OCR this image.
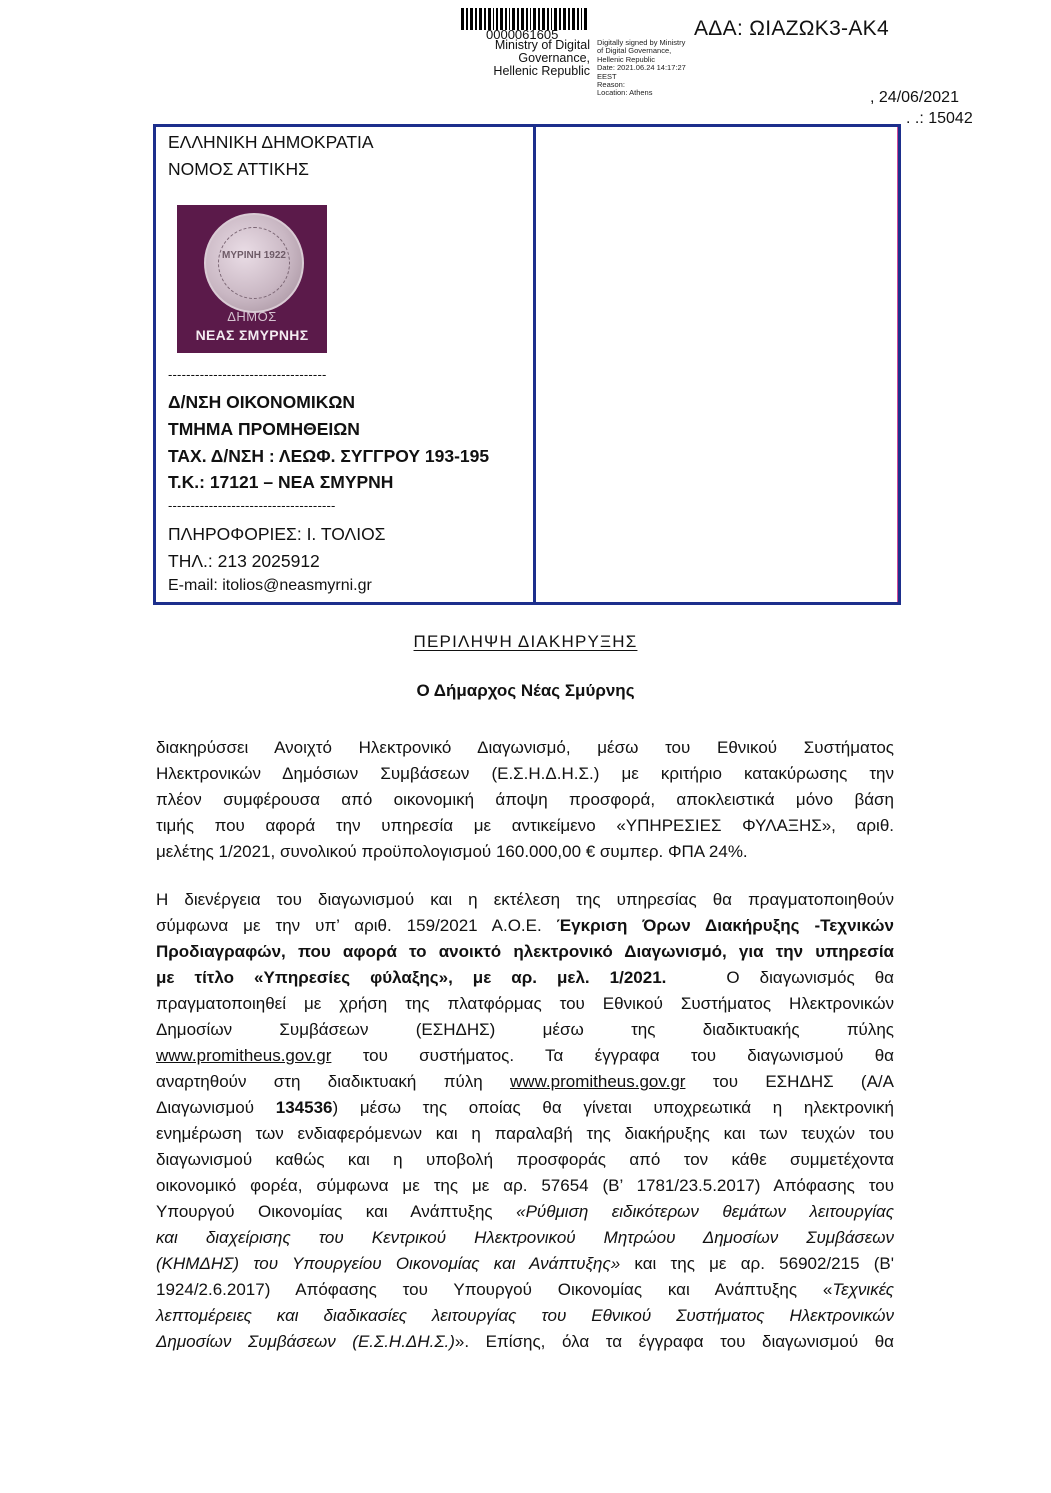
0000061605
Ministry of Digital
Governance,
Hellenic Republic
Digitally signed by Ministry
of Digital Governance,
Hellenic Republic
Date: 2021.06.24 14:17:27
EEST
Reason:
Location: Athens
ΑΔΑ: ΩΙΑΖΩΚ3-ΑΚ4
, 24/06/2021
. .: 15042
ΕΛΛΗΝΙΚΗ ΔΗΜΟΚΡΑΤΙΑ
ΝΟΜΟΣ ΑΤΤΙΚΗΣ
ΜΥΡΙΝΗ 1922
ΔΗΜΟΣ
ΝΕΑΣ ΣΜΥΡΝΗΣ
-----------------------------------
Δ/ΝΣΗ ΟΙΚΟΝΟΜΙΚΩΝ
ΤΜΗΜΑ ΠΡΟΜΗΘΕΙΩΝ
ΤΑΧ. Δ/ΝΣΗ : ΛΕΩΦ. ΣΥΓΓΡΟΥ 193-195
Τ.Κ.: 17121 – ΝΕΑ ΣΜΥΡΝΗ
-------------------------------------
ΠΛΗΡΟΦΟΡΙΕΣ: Ι. ΤΟΛΙΟΣ
ΤΗΛ.: 213 2025912
E-mail: itolios@neasmyrni.gr
ΠΕΡΙΛΗΨΗ ΔΙΑΚΗΡΥΞΗΣ
Ο Δήμαρχος Νέας Σμύρνης
διακηρύσσει Ανοιχτό Ηλεκτρονικό Διαγωνισμό, μέσω του Εθνικού Συστήματος
Ηλεκτρονικών Δημόσιων Συμβάσεων (Ε.Σ.Η.Δ.Η.Σ.) με κριτήριο κατακύρωσης την
πλέον συμφέρουσα από οικονομική άποψη προσφορά, αποκλειστικά μόνο βάση
τιμής που αφορά την υπηρεσία με αντικείμενο «ΥΠΗΡΕΣΙΕΣ ΦΥΛΑΞΗΣ», αριθ.
μελέτης 1/2021, συνολικού προϋπολογισμού 160.000,00 € συμπερ. ΦΠΑ 24%.
Η διενέργεια του διαγωνισμού και η εκτέλεση της υπηρεσίας θα πραγματοποιηθούν
σύμφωνα με την υπ’ αριθ. 159/2021 Α.Ο.Ε. Έγκριση Όρων Διακήρυξης -Τεχνικών
Προδιαγραφών, που αφορά το ανοικτό ηλεκτρονικό Διαγωνισμό, για την υπηρεσία
με τίτλο «Υπηρεσίες φύλαξης», με αρ. μελ. 1/2021.	Ο διαγωνισμός θα
πραγματοποιηθεί με χρήση της πλατφόρμας του Εθνικού Συστήματος Ηλεκτρονικών
Δημοσίων Συμβάσεων (ΕΣΗΔΗΣ) μέσω της διαδικτυακής πύλης
www.promitheus.gov.gr του συστήματος. Τα έγγραφα του διαγωνισμού θα
αναρτηθούν στη διαδικτυακή πύλη www.promitheus.gov.gr του ΕΣΗΔΗΣ (Α/Α
Διαγωνισμού 134536) μέσω της οποίας θα γίνεται υποχρεωτικά η ηλεκτρονική
ενημέρωση των ενδιαφερόμενων και η παραλαβή της διακήρυξης και των τευχών του
διαγωνισμού καθώς και η υποβολή προσφοράς από τον κάθε συμμετέχοντα
οικονομικό φορέα, σύμφωνα με της με αρ. 57654 (Β’ 1781/23.5.2017) Απόφασης του
Υπουργού Οικονομίας και Ανάπτυξης «Ρύθμιση ειδικότερων θεμάτων λειτουργίας
και διαχείρισης του Κεντρικού Ηλεκτρονικού Μητρώου Δημοσίων Συμβάσεων
(ΚΗΜΔΗΣ) του Υπουργείου Οικονομίας και Ανάπτυξης» και της με αρ. 56902/215 (Β'
1924/2.6.2017) Απόφασης του Υπουργού Οικονομίας και Ανάπτυξης «Τεχνικές
λεπτομέρειες και διαδικασίες λειτουργίας του Εθνικού Συστήματος Ηλεκτρονικών
Δημοσίων Συμβάσεων (Ε.Σ.Η.ΔΗ.Σ.)». Επίσης, όλα τα έγγραφα του διαγωνισμού θα
